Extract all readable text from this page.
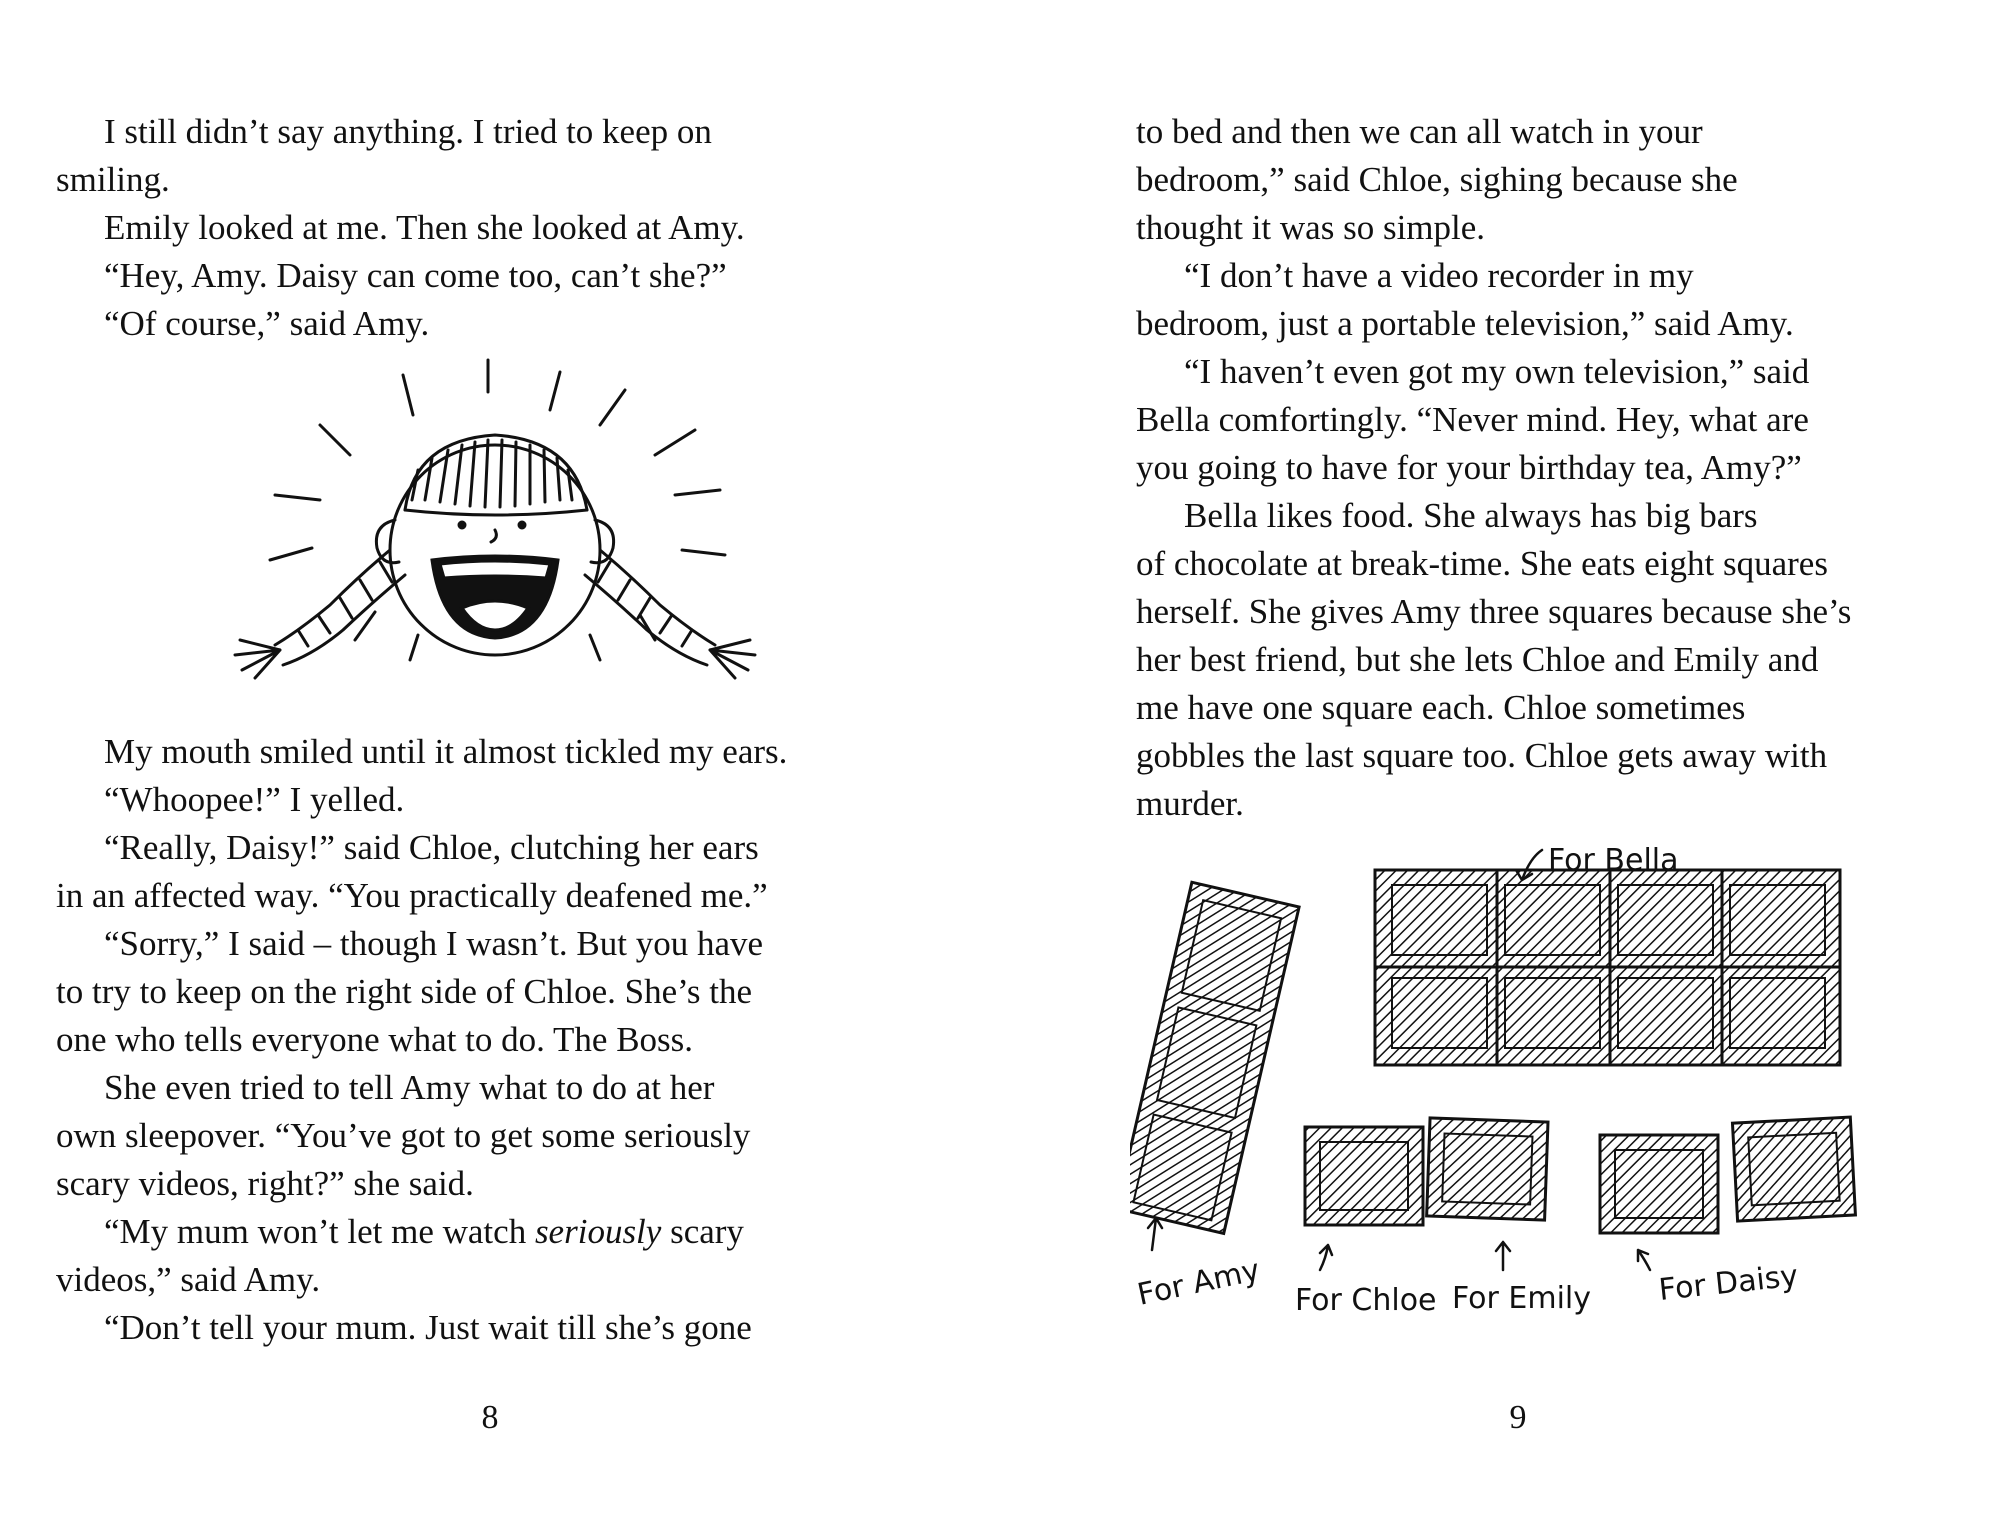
I still didn’t say anything. I tried to keep on
smiling.
Emily looked at me. Then she looked at Amy.
“Hey, Amy. Daisy can come too, can’t she?”
“Of course,” said Amy.
My mouth smiled until it almost tickled my ears.
“Whoopee!” I yelled.
“Really, Daisy!” said Chloe, clutching her ears
in an affected way. “You practically deafened me.”
“Sorry,” I said – though I wasn’t. But you have
to try to keep on the right side of Chloe. She’s the
one who tells everyone what to do. The Boss.
She even tried to tell Amy what to do at her
own sleepover. “You’ve got to get some seriously
scary videos, right?” she said.
“My mum won’t let me watch seriously scary
videos,” said Amy.
“Don’t tell your mum. Just wait till she’s gone
8
to bed and then we can all watch in your
bedroom,” said Chloe, sighing because she
thought it was so simple.
“I don’t have a video recorder in my
bedroom, just a portable television,” said Amy.
“I haven’t even got my own television,” said
Bella comfortingly. “Never mind. Hey, what are
you going to have for your birthday tea, Amy?”
Bella likes food. She always has big bars
of chocolate at break-time. She eats eight squares
herself. She gives Amy three squares because she’s
her best friend, but she lets Chloe and Emily and
me have one square each. Chloe sometimes
gobbles the last square too. Chloe gets away with
murder.
For Bella
For Amy For Chloe For Emily For Daisy
9
